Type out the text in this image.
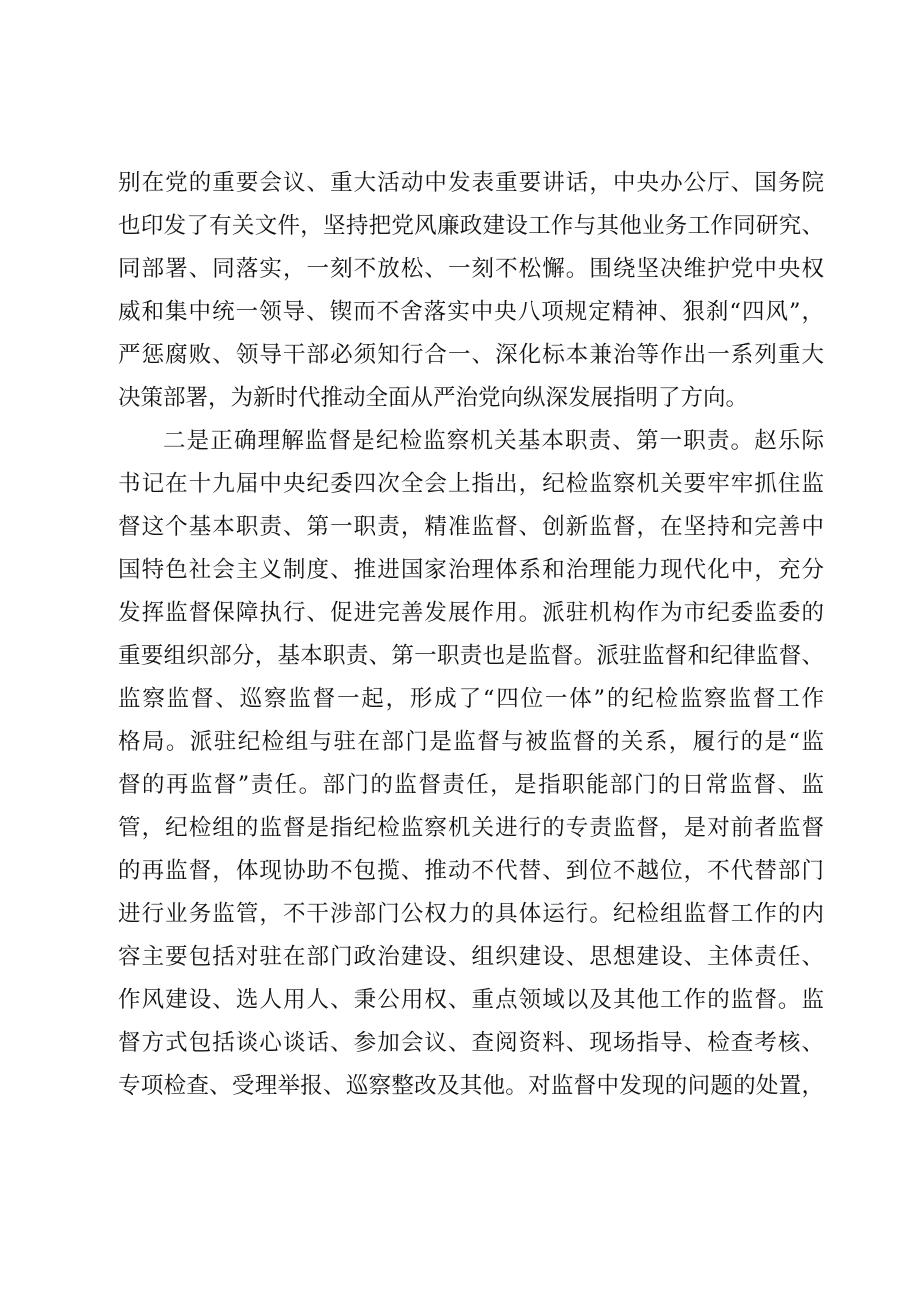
别在党的重要会议、重大活动中发表重要讲话，中央办公厅、国务院

也印发了有关文件，坚持把党风廉政建设工作与其他业务工作同研究、

同部署、同落实，一刻不放松、一刻不松懈。围绕坚决维护党中央权

威和集中统一领导、锲而不舍落实中央八项规定精神、狠刹“四风”，

严惩腐败、领导干部必须知行合一、深化标本兼治等作出一系列重大

决策部署，为新时代推动全面从严治党向纵深发展指明了方向。

二是正确理解监督是纪检监察机关基本职责、第一职责。赵乐际

书记在十九届中央纪委四次全会上指出，纪检监察机关要牢牢抓住监

督这个基本职责、第一职责，精准监督、创新监督，在坚持和完善中

国特色社会主义制度、推进国家治理体系和治理能力现代化中，充分

发挥监督保障执行、促进完善发展作用。派驻机构作为市纪委监委的

重要组织部分，基本职责、第一职责也是监督。派驻监督和纪律监督、

监察监督、巡察监督一起，形成了“四位一体”的纪检监察监督工作

格局。派驻纪检组与驻在部门是监督与被监督的关系，履行的是“监

督的再监督”责任。部门的监督责任，是指职能部门的日常监督、监

管，纪检组的监督是指纪检监察机关进行的专责监督，是对前者监督

的再监督，体现协助不包揽、推动不代替、到位不越位，不代替部门

进行业务监管，不干涉部门公权力的具体运行。纪检组监督工作的内

容主要包括对驻在部门政治建设、组织建设、思想建设、主体责任、

作风建设、选人用人、秉公用权、重点领域以及其他工作的监督。监

督方式包括谈心谈话、参加会议、查阅资料、现场指导、检查考核、

专项检查、受理举报、巡察整改及其他。对监督中发现的问题的处置，
